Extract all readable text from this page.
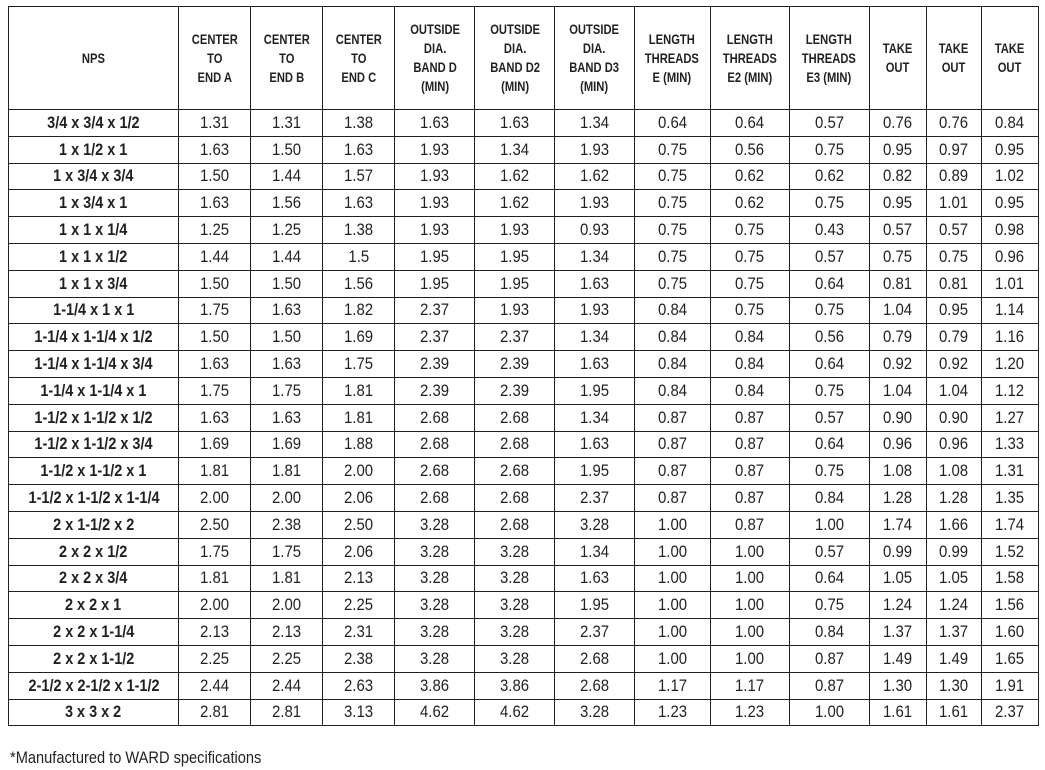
NPS	CENTER
TO
END A	CENTER
TO
END B	CENTER
TO
END C	OUTSIDE
DIA.
BAND D
(MIN)	OUTSIDE
DIA.
BAND D2
(MIN)	OUTSIDE
DIA.
BAND D3
(MIN)	LENGTH
THREADS
E (MIN)	LENGTH
THREADS
E2 (MIN)	LENGTH
THREADS
E3 (MIN)	TAKE
OUT	TAKE
OUT	TAKE
OUT
3/4 x 3/4 x 1/2	1.31	1.31	1.38	1.63	1.63	1.34	0.64	0.64	0.57	0.76	0.76	0.84
1 x 1/2 x 1	1.63	1.50	1.63	1.93	1.34	1.93	0.75	0.56	0.75	0.95	0.97	0.95
1 x 3/4 x 3/4	1.50	1.44	1.57	1.93	1.62	1.62	0.75	0.62	0.62	0.82	0.89	1.02
1 x 3/4 x 1	1.63	1.56	1.63	1.93	1.62	1.93	0.75	0.62	0.75	0.95	1.01	0.95
1 x 1 x 1/4	1.25	1.25	1.38	1.93	1.93	0.93	0.75	0.75	0.43	0.57	0.57	0.98
1 x 1 x 1/2	1.44	1.44	1.5	1.95	1.95	1.34	0.75	0.75	0.57	0.75	0.75	0.96
1 x 1 x 3/4	1.50	1.50	1.56	1.95	1.95	1.63	0.75	0.75	0.64	0.81	0.81	1.01
1-1/4 x 1 x 1	1.75	1.63	1.82	2.37	1.93	1.93	0.84	0.75	0.75	1.04	0.95	1.14
1-1/4 x 1-1/4 x 1/2	1.50	1.50	1.69	2.37	2.37	1.34	0.84	0.84	0.56	0.79	0.79	1.16
1-1/4 x 1-1/4 x 3/4	1.63	1.63	1.75	2.39	2.39	1.63	0.84	0.84	0.64	0.92	0.92	1.20
1-1/4 x 1-1/4 x 1	1.75	1.75	1.81	2.39	2.39	1.95	0.84	0.84	0.75	1.04	1.04	1.12
1-1/2 x 1-1/2 x 1/2	1.63	1.63	1.81	2.68	2.68	1.34	0.87	0.87	0.57	0.90	0.90	1.27
1-1/2 x 1-1/2 x 3/4	1.69	1.69	1.88	2.68	2.68	1.63	0.87	0.87	0.64	0.96	0.96	1.33
1-1/2 x 1-1/2 x 1	1.81	1.81	2.00	2.68	2.68	1.95	0.87	0.87	0.75	1.08	1.08	1.31
1-1/2 x 1-1/2 x 1-1/4	2.00	2.00	2.06	2.68	2.68	2.37	0.87	0.87	0.84	1.28	1.28	1.35
2 x 1-1/2 x 2	2.50	2.38	2.50	3.28	2.68	3.28	1.00	0.87	1.00	1.74	1.66	1.74
2 x 2 x 1/2	1.75	1.75	2.06	3.28	3.28	1.34	1.00	1.00	0.57	0.99	0.99	1.52
2 x 2 x 3/4	1.81	1.81	2.13	3.28	3.28	1.63	1.00	1.00	0.64	1.05	1.05	1.58
2 x 2 x 1	2.00	2.00	2.25	3.28	3.28	1.95	1.00	1.00	0.75	1.24	1.24	1.56
2 x 2 x 1-1/4	2.13	2.13	2.31	3.28	3.28	2.37	1.00	1.00	0.84	1.37	1.37	1.60
2 x 2 x 1-1/2	2.25	2.25	2.38	3.28	3.28	2.68	1.00	1.00	0.87	1.49	1.49	1.65
2-1/2 x 2-1/2 x 1-1/2	2.44	2.44	2.63	3.86	3.86	2.68	1.17	1.17	0.87	1.30	1.30	1.91
3 x 3 x 2	2.81	2.81	3.13	4.62	4.62	3.28	1.23	1.23	1.00	1.61	1.61	2.37
*Manufactured to WARD specifications
